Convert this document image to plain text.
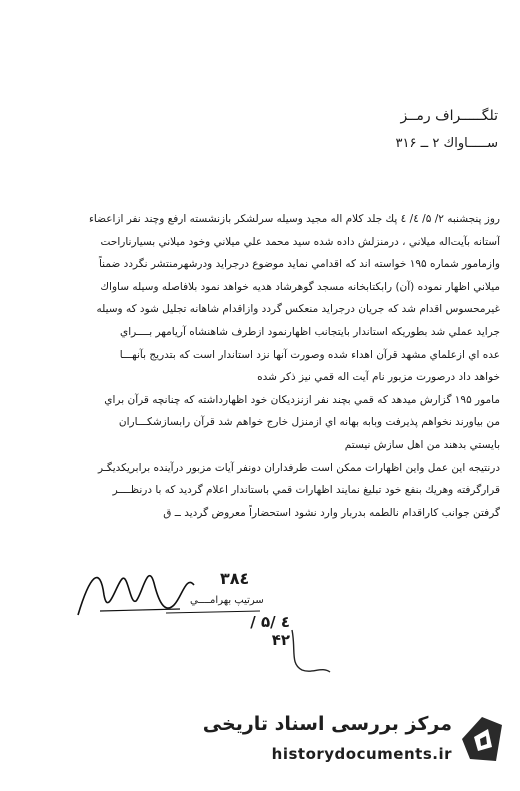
تلگـــــراف رمــز
ســـــاواك ۲ ــ ۳۱۶

روز پنجشنبه ۲/ ۵/ ٤/ ٤ پك جلد كلام اله مجيد وسيله سرلشكر بازنشسته ارفع وچند نفر ازاعضاء

آستانه بآيت‌اله ميلاني ، درمنزلش داده شده سيد محمد علي ميلاني وخود ميلاني بسيارناراحت

وازمامور شماره ۱۹۵ خواسته اند كه اقدامي نمايد موضوع درجرايد ودرشهرمنتشر نگردد ضمناً

ميلاني اظهار نموده (آن) رابكتابخانه مسجد گوهرشاد هديه خواهد نمود بلافاصله وسيله ساواك

غيرمحسوس اقدام شد كه جريان درجرايد منعكس گردد وازاقدام شاهانه تجليل شود كه وسيله

جرايد عملي شد بطوريكه استاندار بايتجانب اظهارنمود ازطرف شاهنشاه آريامهر بــــراي

عده اي ازعلماي مشهد قرآن اهداء شده وصورت آنها نزد استاندار است كه بتدريج بآنهـــا

خواهد داد درصورت مزبور نام آيت اله قمي نيز ذكر شده

مامور ۱۹۵ گزارش ميدهد كه قمي بچند نفر ازنزديكان خود اظهارداشته كه چنانچه قرآن براي

من بياورند نخواهم پذيرفت وبابه بهانه اي ازمنزل خارج خواهم شد قرآن رابسازشكـــاران

بايستي بدهند من اهل سازش نيستم

درنتيجه اين عمل واين اظهارات ممكن است طرفداران دونفر آيات مزبور درآينده برابريكديگـر

قرارگرفته وهريك بنفع خود تبليغ نمايند اظهارات قمي باستاندار اعلام گرديد كه با درنظــــر

گرفتن جوانب كاراقدام نالطمه بدربار وارد نشود استحضاراً معروض گرديد ــ ق

۳۸٤
سرتيپ بهرامــــي
٤ /۵ /۴۲
مرکز بررسی اسناد تاریخی
historydocuments.ir
